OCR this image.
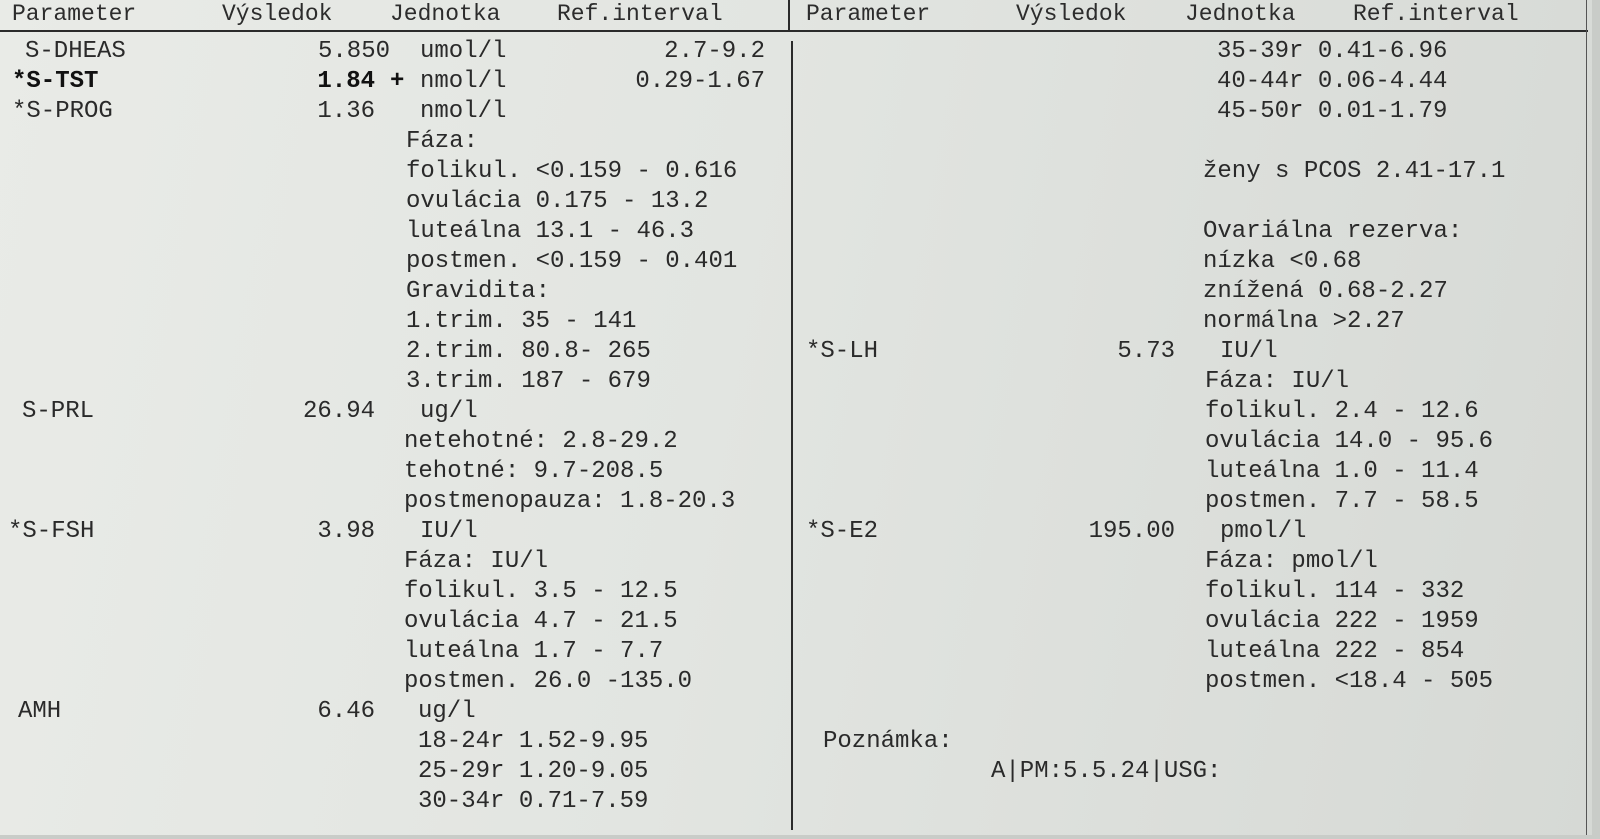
Parameter	Výsledok	Jednotka Ref.interval	Parameter	Výsledok	Jednotka	Ref.interval
S-DHEAS	5.850 umol/l	2.7-9.2
*S-TST	1.84 + nmol/l	0.29-1.67
*S-PROG	1.36 nmol/l
Fáza:
folikul. <0.159 - 0.616
ovulácia 0.175 - 13.2
luteálna 13.1 - 46.3
postmen. <0.159 - 0.401
Gravidita:
1.trim. 35 - 141
2.trim. 80.8- 265
3.trim. 187 - 679
S-PRL	26.94 ug/l
netehotné: 2.8-29.2
tehotné: 9.7-208.5
postmenopauza: 1.8-20.3
*S-FSH	3.98 IU/l
Fáza: IU/l
folikul. 3.5 - 12.5
ovulácia 4.7 - 21.5
luteálna 1.7 - 7.7
postmen. 26.0 -135.0
AMH	6.46 ug/l
18-24r 1.52-9.95
25-29r 1.20-9.05
30-34r 0.71-7.59
35-39r 0.41-6.96
40-44r 0.06-4.44
45-50r 0.01-1.79
ženy s PCOS 2.41-17.1
Ovariálna rezerva:
nízka <0.68
znížená 0.68-2.27
normálna >2.27
*S-LH	5.73 IU/l
Fáza: IU/l
folikul. 2.4 - 12.6
ovulácia 14.0 - 95.6
luteálna 1.0 - 11.4
postmen. 7.7 - 58.5
*S-E2	195.00 pmol/l
Fáza: pmol/l
folikul. 114 - 332
ovulácia 222 - 1959
luteálna 222 - 854
postmen. <18.4 - 505
Poznámka:
A|PM:5.5.24|USG:
